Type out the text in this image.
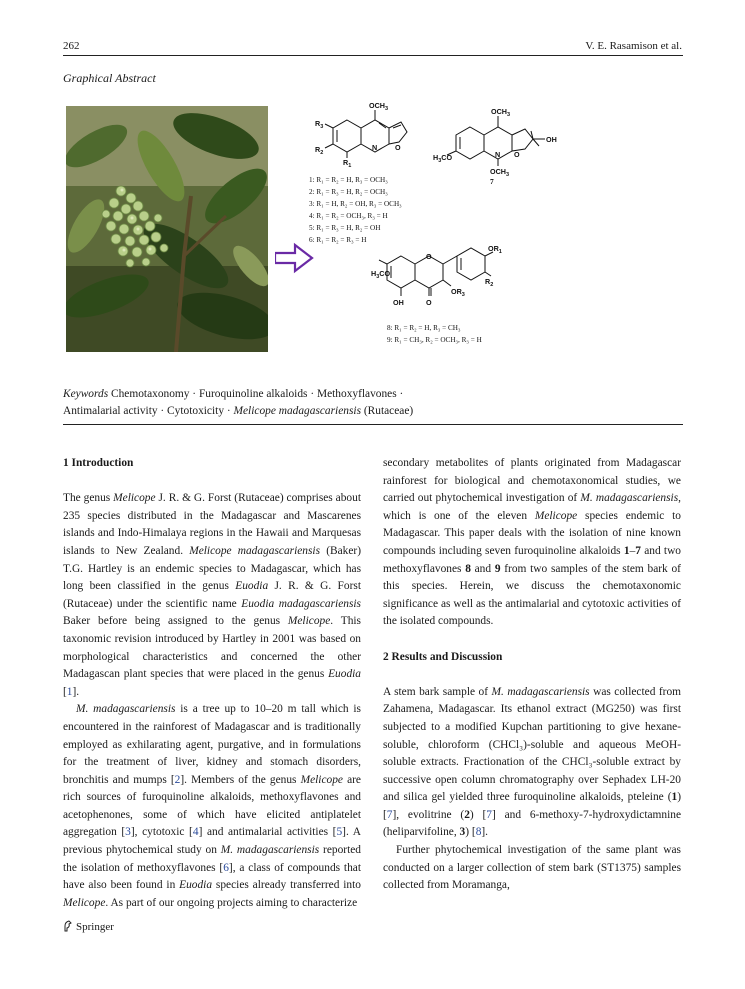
262	V. E. Rasamison et al.
Graphical Abstract
$OCH_3$
$R_3$
$R_2$
$R_1$
N O
$OCH_3$
$H_3CO$	N O
OH
$OCH_3$
7
1: R₁ = R₂ = H, R₃ = OCH₃
2: R₁ = R₃ = H, R₂ = OCH₃
3: R₁ = H, R₂ = OH, R₃ = OCH₃
4: R₁ = R₂ = OCH₃, R₃ = H
5: R₁ = R₃ = H, R₂ = OH
6: R₁ = R₂ = R₃ = H
$H_3CO$
O
$OR_1$
$R_2$
$OR_3$
OH	O
8: R₁ = R₂ = H, R₃ = CH₃
9: R₁ = CH₃, R₂ = OCH₃, R₃ = H
Keywords Chemotaxonomy · Furoquinoline alkaloids · Methoxyflavones ·
Antimalarial activity · Cytotoxicity · Melicope madagascariensis (Rutaceae)
1 Introduction

The genus Melicope J. R. & G. Forst (Rutaceae) comprises about 235 species distributed in the Madagascar and Mascarenes islands and Indo-Himalaya regions in the Hawaii and Marquesas islands to New Zealand. Melicope madagascariensis (Baker) T.G. Hartley is an endemic species to Madagascar, which has long been classified in the genus Euodia J. R. & G. Forst (Rutaceae) under the scientific name Euodia madagascariensis Baker before being assigned to the genus Melicope. This taxonomic revision introduced by Hartley in 2001 was based on morphological characteristics and concerned the other Madagascan plant species that were placed in the genus Euodia [1].

M. madagascariensis is a tree up to 10–20 m tall which is encountered in the rainforest of Madagascar and is traditionally employed as exhilarating agent, purgative, and in formulations for the treatment of liver, kidney and stomach disorders, bronchitis and mumps [2]. Members of the genus Melicope are rich sources of furoquinoline alkaloids, methoxyflavones and acetophenones, some of which have elicited antiplatelet aggregation [3], cytotoxic [4] and antimalarial activities [5]. A previous phytochemical study on M. madagascariensis reported the isolation of methoxyflavones [6], a class of compounds that have also been found in Euodia species already transferred into Melicope. As part of our ongoing projects aiming to characterize

secondary metabolites of plants originated from Madagascar rainforest for biological and chemotaxonomical studies, we carried out phytochemical investigation of M. madagascariensis, which is one of the eleven Melicope species endemic to Madagascar. This paper deals with the isolation of nine known compounds including seven furoquinoline alkaloids 1–7 and two methoxyflavones 8 and 9 from two samples of the stem bark of this species. Herein, we discuss the chemotaxonomic significance as well as the antimalarial and cytotoxic activities of the isolated compounds.

2 Results and Discussion

A stem bark sample of M. madagascariensis was collected from Zahamena, Madagascar. Its ethanol extract (MG250) was first subjected to a modified Kupchan partitioning to give hexane-soluble, chloroform (CHCl₃)-soluble and aqueous MeOH-soluble extracts. Fractionation of the CHCl₃-soluble extract by successive open column chromatography over Sephadex LH-20 and silica gel yielded three furoquinoline alkaloids, pteleine (1) [7], evolitrine (2) [7] and 6-methoxy-7-hydroxydictamnine (heliparvifoline, 3) [8].

Further phytochemical investigation of the same plant was conducted on a larger collection of stem bark (ST1375) samples collected from Moramanga,

Springer
